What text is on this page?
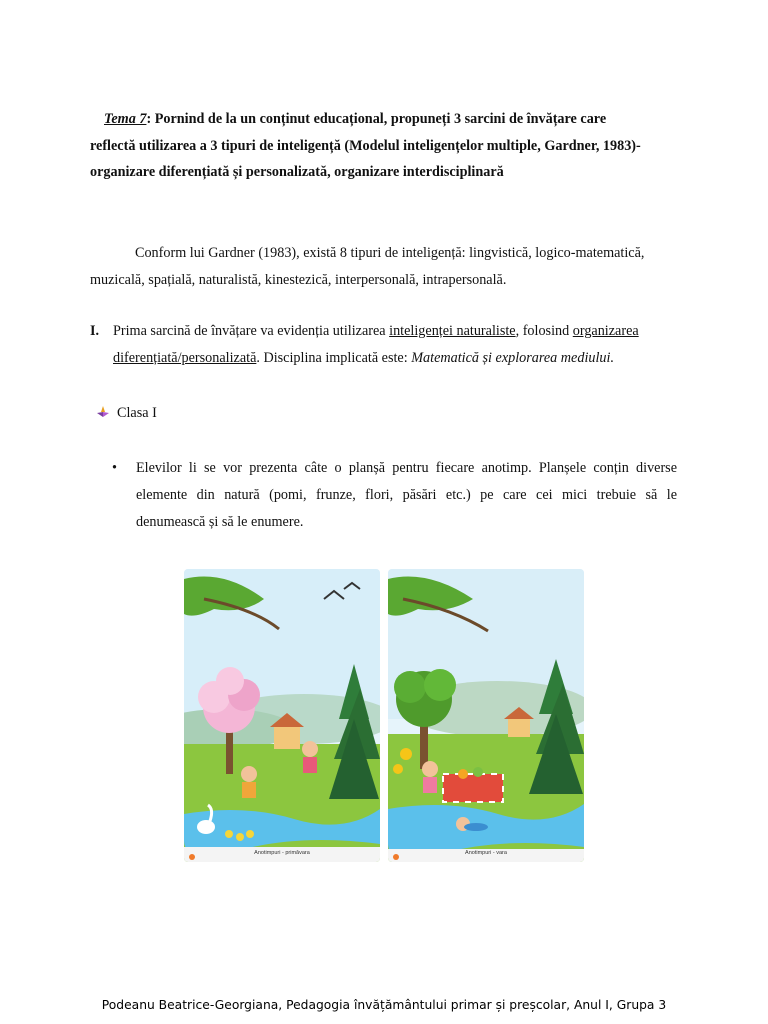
Tema 7: Pornind de la un conținut educațional, propuneți 3 sarcini de învățare care
reflectă utilizarea a 3 tipuri de inteligență (Modelul inteligențelor multiple, Gardner, 1983)-
organizare diferențiată și personalizată, organizare interdisciplinară
Conform lui Gardner (1983), există 8 tipuri de inteligență: lingvistică, logico-matematică,
muzicală, spațială, naturalistă, kinestezică, interpersonală, intrapersonală.
I. Prima sarcină de învățare va evidenția utilizarea inteligenței naturaliste, folosind organizarea
diferențiată/personalizată. Disciplina implicată este: Matematică și explorarea mediului.
Clasa I
• Elevilor li se vor prezenta câte o planșă pentru fiecare anotimp. Planșele conțin diverse
elemente din natură (pomi, frunze, flori, păsări etc.) pe care cei mici trebuie să le
denumească și să le enumere.
Anotimpuri - primăvara	Anotimpuri - vara
Podeanu Beatrice-Georgiana, Pedagogia învățământului primar și preșcolar, Anul I, Grupa 3
